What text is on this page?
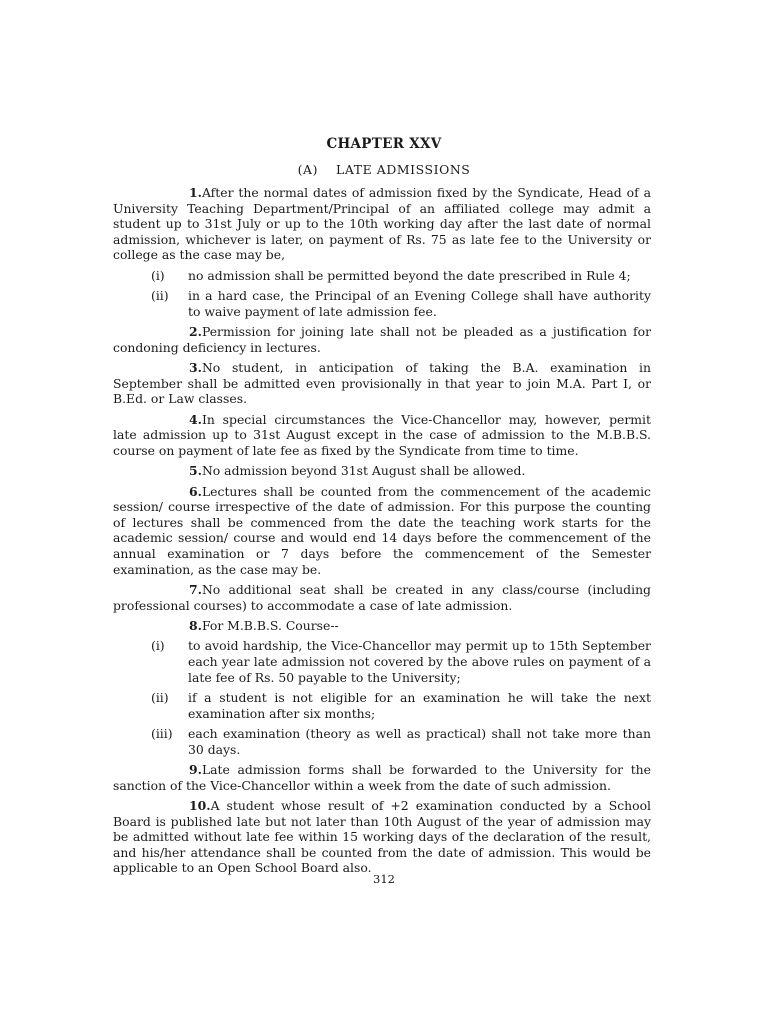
CHAPTER XXV
(A) LATE ADMISSIONS

1.After the normal dates of admission fixed by the Syndicate, Head of a University Teaching Department/Principal of an affiliated college may admit a student up to 31st July or up to the 10th working day after the last date of normal admission, whichever is later, on payment of Rs. 75 as late fee to the University or college as the case may be,

(i) no admission shall be permitted beyond the date prescribed in Rule 4;

(ii) in a hard case, the Principal of an Evening College shall have authority to waive payment of late admission fee.

2.Permission for joining late shall not be pleaded as a justification for condoning deficiency in lectures.

3.No student, in anticipation of taking the B.A. examination in September shall be admitted even provisionally in that year to join M.A. Part I, or B.Ed. or Law classes.

4.In special circumstances the Vice-Chancellor may, however, permit late admission up to 31st August except in the case of admission to the M.B.B.S. course on payment of late fee as fixed by the Syndicate from time to time.

5.No admission beyond 31st August shall be allowed.

6.Lectures shall be counted from the commencement of the academic session/ course irrespective of the date of admission. For this purpose the counting of lectures shall be commenced from the date the teaching work starts for the academic session/ course and would end 14 days before the commencement of the annual examination or 7 days before the commencement of the Semester examination, as the case may be.

7.No additional seat shall be created in any class/course (including professional courses) to accommodate a case of late admission.

8.For M.B.B.S. Course--

(i) to avoid hardship, the Vice-Chancellor may permit up to 15th September each year late admission not covered by the above rules on payment of a late fee of Rs. 50 payable to the University;

(ii) if a student is not eligible for an examination he will take the next examination after six months;

(iii) each examination (theory as well as practical) shall not take more than 30 days.

9.Late admission forms shall be forwarded to the University for the sanction of the Vice-Chancellor within a week from the date of such admission.

10.A student whose result of +2 examination conducted by a School Board is published late but not later than 10th August of the year of admission may be admitted without late fee within 15 working days of the declaration of the result, and his/her attendance shall be counted from the date of admission. This would be applicable to an Open School Board also.

312
